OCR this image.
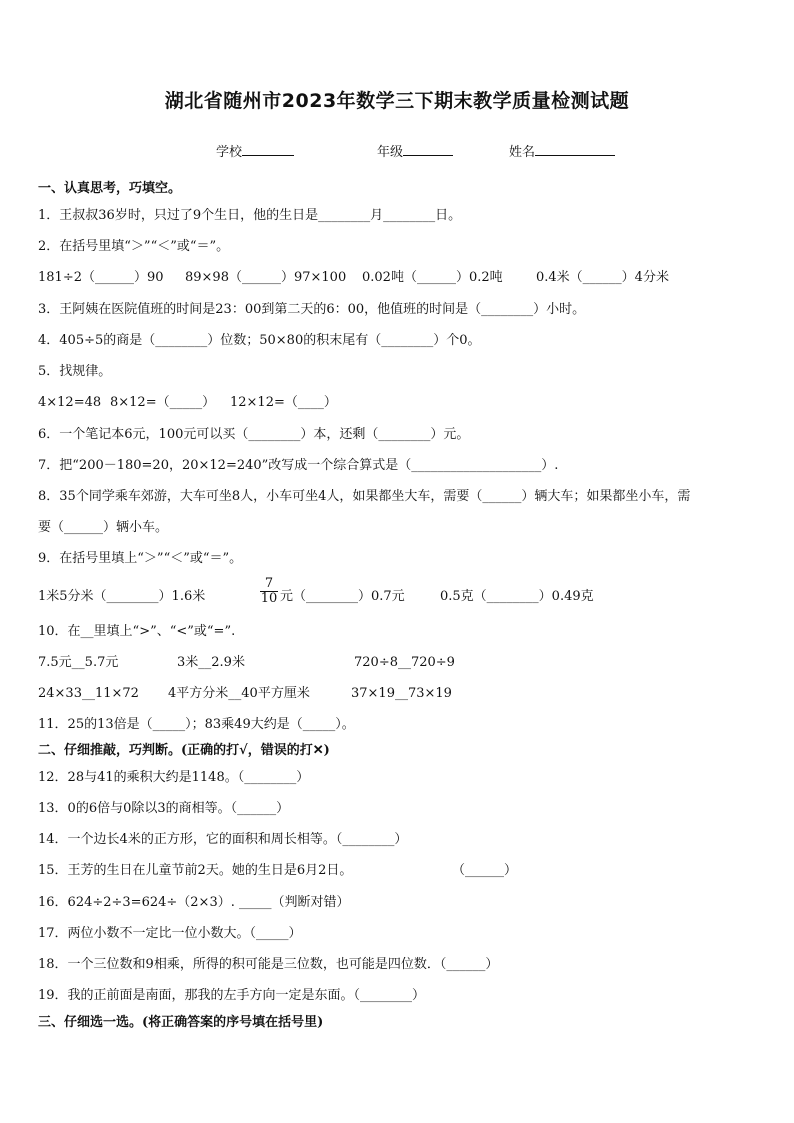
湖北省随州市2023年数学三下期末教学质量检测试题
学校	年级	姓名
一、认真思考，巧填空。
1．王叔叔36岁时，只过了9个生日，他的生日是________月________日。
2．在括号里填“＞”“＜”或“＝”。
181÷2（______）90 89×98（______）97×100 0.02吨（______）0.2吨	0.4米（______）4分米
3．王阿姨在医院值班的时间是23：00到第二天的6：00，他值班的时间是（________）小时。
4．405÷5的商是（________）位数；50×80的积末尾有（________）个0。
5．找规律。
4×12=48 8×12=（_____） 12×12=（____）
6．一个笔记本6元，100元可以买（________）本，还剩（________）元。
7．把“200－180=20，20×12=240”改写成一个综合算式是（____________________）.
8．35个同学乘车郊游，大车可坐8人，小车可坐4人，如果都坐大车，需要（______）辆大车；如果都坐小车，需
要（______）辆小车。
9．在括号里填上“＞”“＜”或“＝”。
1米5分米（________）1.6米	$\frac{7}{10}$ 元（________）0.7元	0.5克（________）0.49克
10．在__里填上“>”、“<”或“=”.
7.5元__5.7元	3米__2.9米	720÷8__720÷9
24×33__11×72 4平方分米__40平方厘米	37×19__73×19
11．25的13倍是（_____）；83乘49大约是（_____）。
二、仔细推敲，巧判断。(正确的打√，错误的打✕)
12．28与41的乘积大约是1148。（________）
13．0的6倍与0除以3的商相等。（______）
14．一个边长4米的正方形，它的面积和周长相等。（________）
15．王芳的生日在儿童节前2天。她的生日是6月2日。	（______）
16．624÷2÷3=624÷（2×3）. _____（判断对错）
17．两位小数不一定比一位小数大。（_____）
18．一个三位数和9相乘，所得的积可能是三位数，也可能是四位数．（______）
19．我的正前面是南面，那我的左手方向一定是东面。（________）
三、仔细选一选。(将正确答案的序号填在括号里)
